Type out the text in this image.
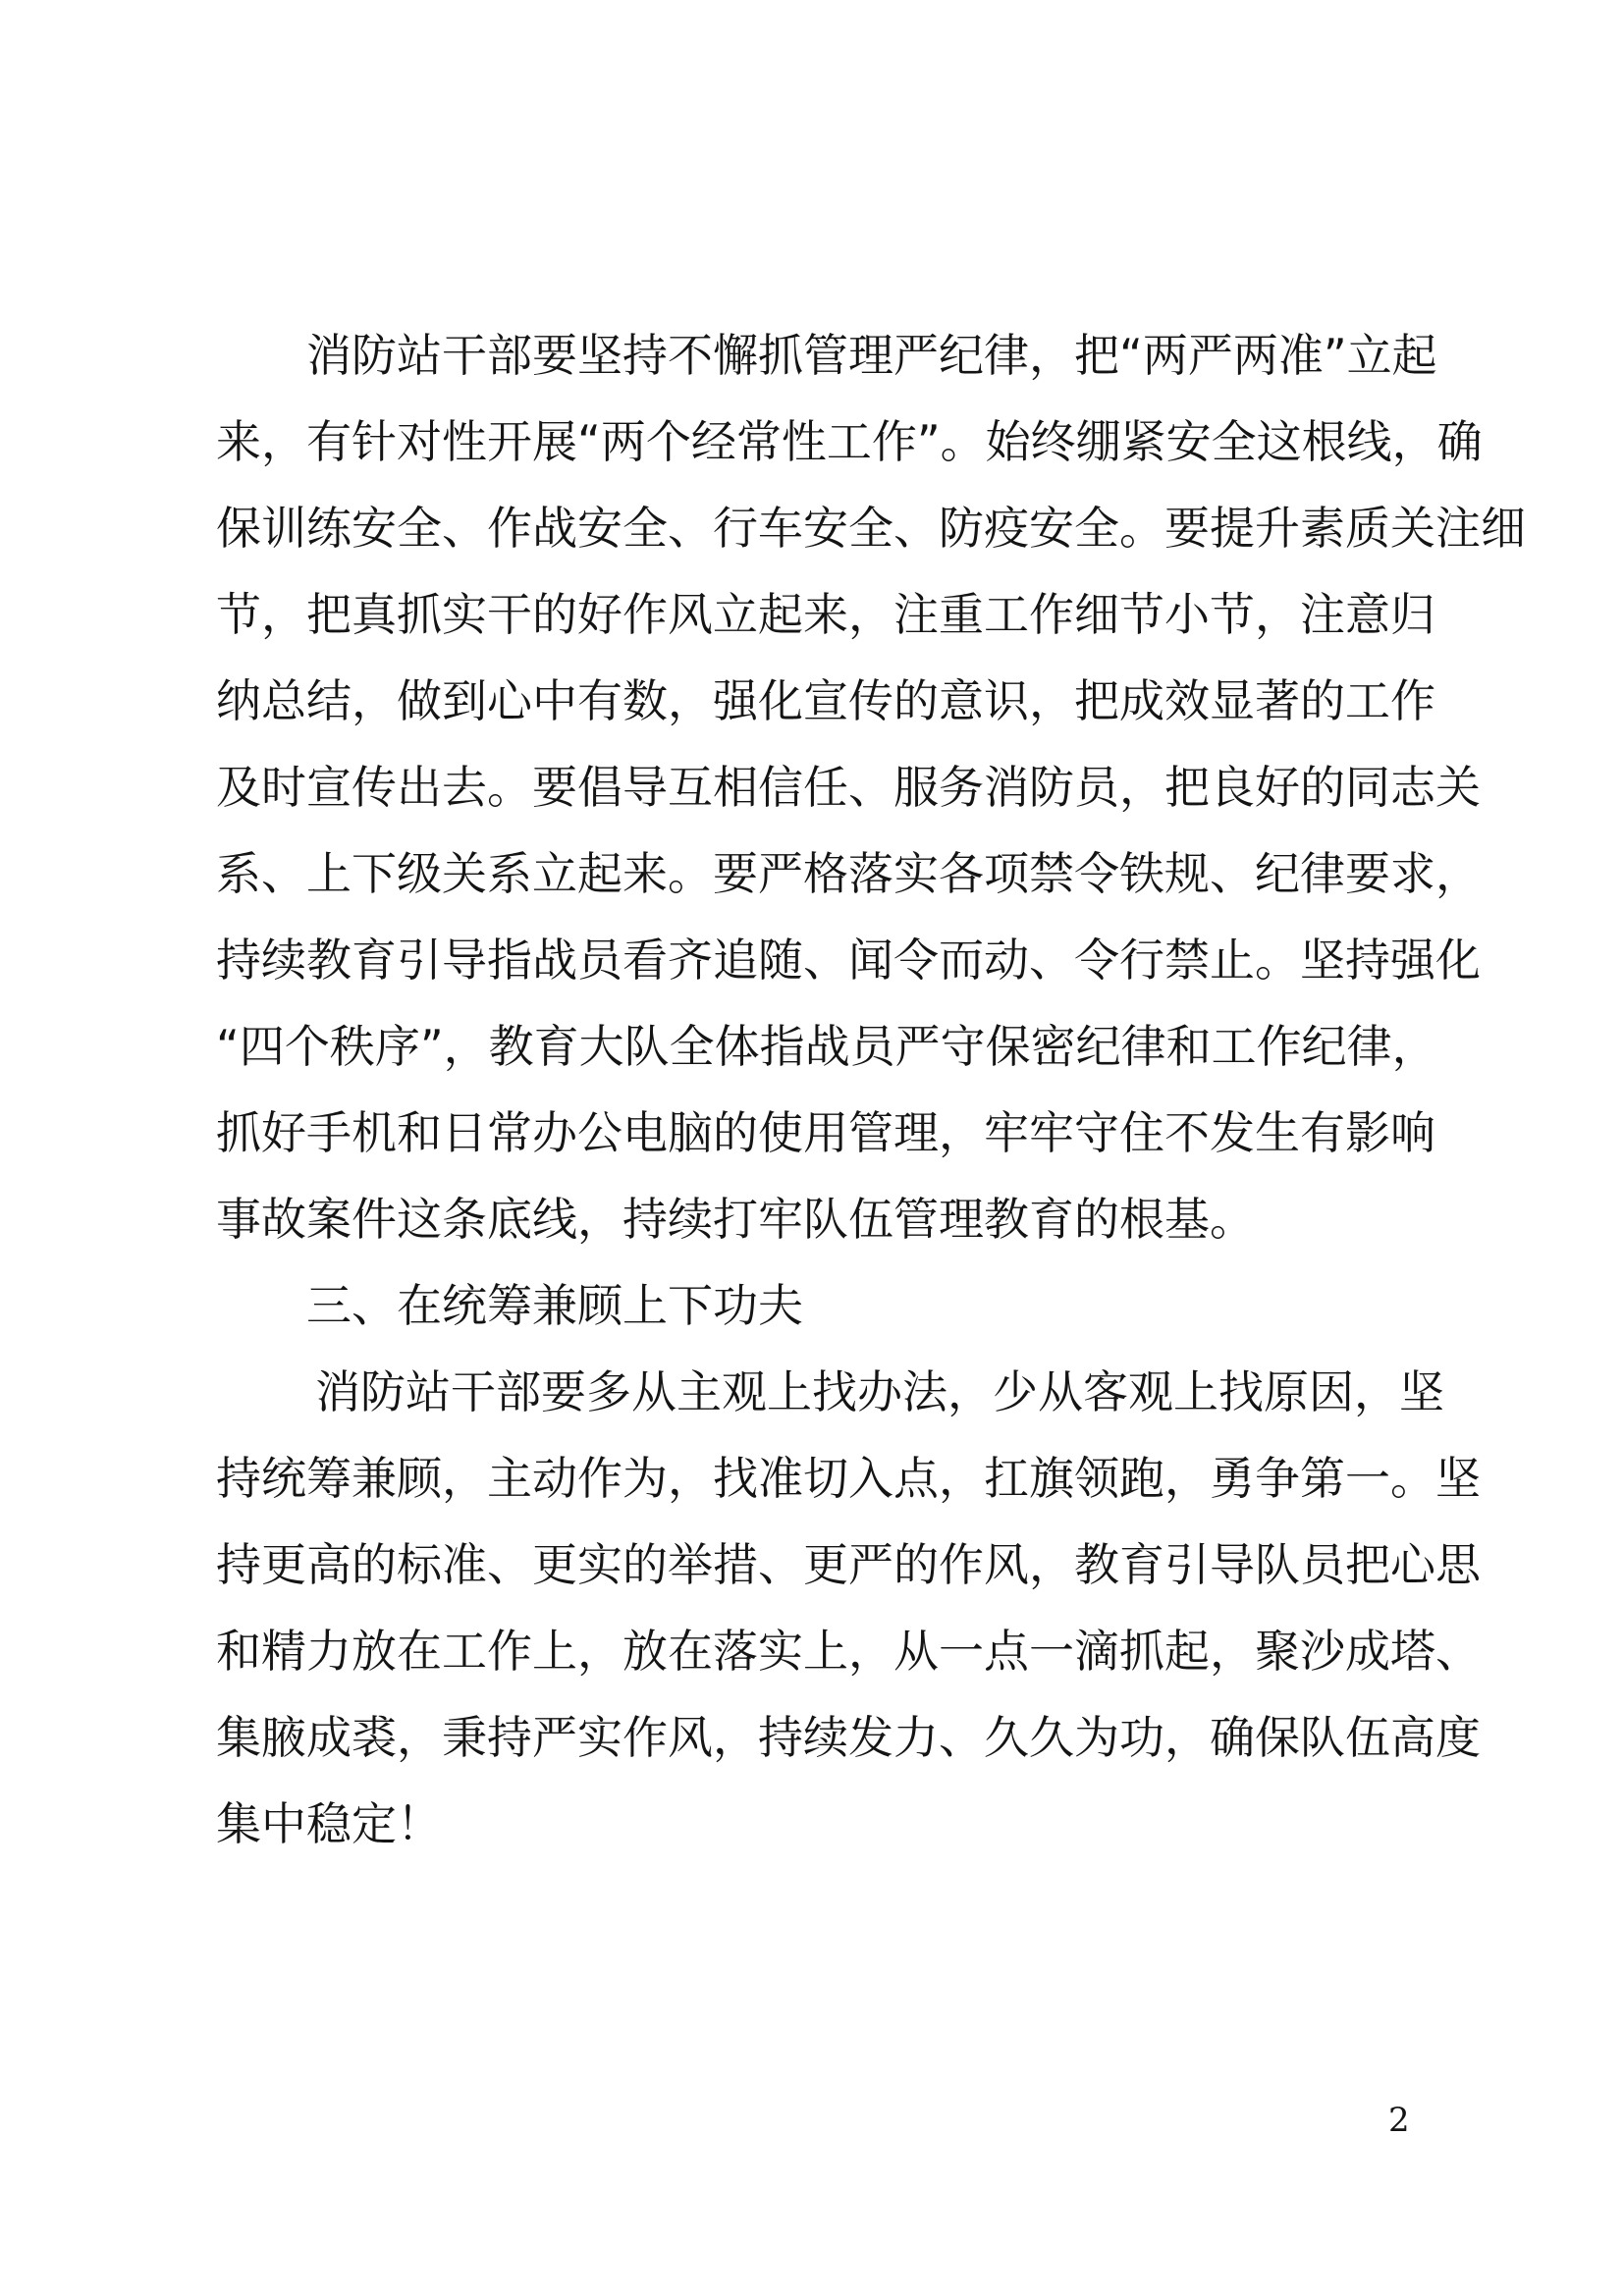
消防站干部要坚持不懈抓管理严纪律，把“两严两准”立起
来，有针对性开展“两个经常性工作”。始终绷紧安全这根线，确
保训练安全、作战安全、行车安全、防疫安全。要提升素质关注细
节，把真抓实干的好作风立起来，注重工作细节小节，注意归
纳总结，做到心中有数，强化宣传的意识，把成效显著的工作
及时宣传出去。要倡导互相信任、服务消防员，把良好的同志关
系、上下级关系立起来。要严格落实各项禁令铁规、纪律要求，
持续教育引导指战员看齐追随、闻令而动、令行禁止。坚持强化
“四个秩序”，教育大队全体指战员严守保密纪律和工作纪律，
抓好手机和日常办公电脑的使用管理，牢牢守住不发生有影响
事故案件这条底线，持续打牢队伍管理教育的根基。
三、在统筹兼顾上下功夫
消防站干部要多从主观上找办法，少从客观上找原因，坚
持统筹兼顾，主动作为，找准切入点，扛旗领跑，勇争第一。坚
持更高的标准、更实的举措、更严的作风，教育引导队员把心思
和精力放在工作上，放在落实上，从一点一滴抓起，聚沙成塔、
集腋成裘，秉持严实作风，持续发力、久久为功，确保队伍高度
集中稳定！
2
